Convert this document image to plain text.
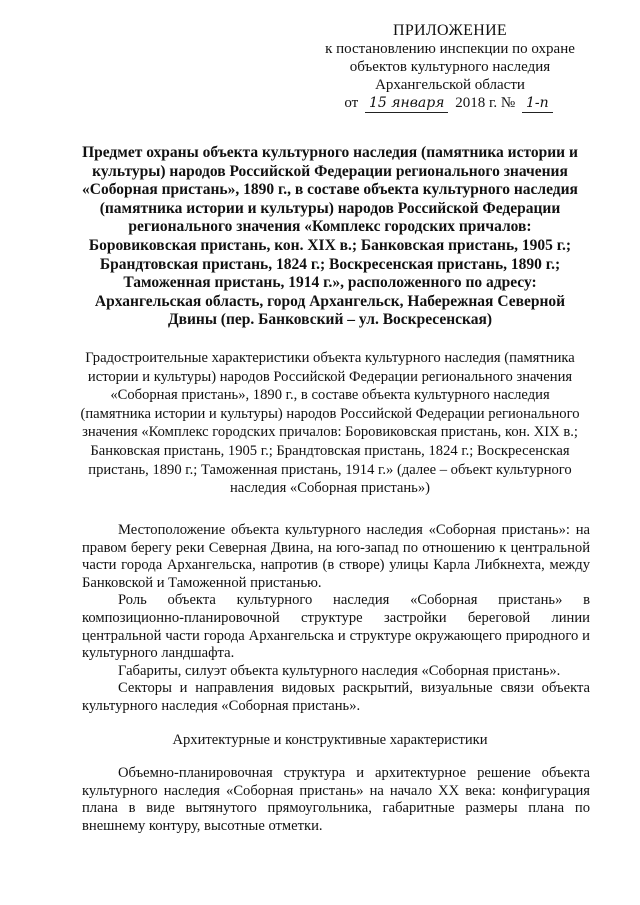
ПРИЛОЖЕНИЕ
к постановлению инспекции по охране
объектов культурного наследия
Архангельской области
от 15 января 2018 г. № 1-п
Предмет охраны объекта культурного наследия (памятника истории и культуры) народов Российской Федерации регионального значения «Соборная пристань», 1890 г., в составе объекта культурного наследия (памятника истории и культуры) народов Российской Федерации регионального значения «Комплекс городских причалов: Боровиковская пристань, кон. XIX в.; Банковская пристань, 1905 г.; Брандтовская пристань, 1824 г.; Воскресенская пристань, 1890 г.; Таможенная пристань, 1914 г.», расположенного по адресу: Архангельская область, город Архангельск, Набережная Северной Двины (пер. Банковский – ул. Воскресенская)
Градостроительные характеристики объекта культурного наследия (памятника истории и культуры) народов Российской Федерации регионального значения «Соборная пристань», 1890 г., в составе объекта культурного наследия (памятника истории и культуры) народов Российской Федерации регионального значения «Комплекс городских причалов: Боровиковская пристань, кон. XIX в.; Банковская пристань, 1905 г.; Брандтовская пристань, 1824 г.; Воскресенская пристань, 1890 г.; Таможенная пристань, 1914 г.» (далее – объект культурного наследия «Соборная пристань»)

Местоположение объекта культурного наследия «Соборная пристань»: на правом берегу реки Северная Двина, на юго-запад по отношению к центральной части города Архангельска, напротив (в створе) улицы Карла Либкнехта, между Банковской и Таможенной пристанью.

Роль объекта культурного наследия «Соборная пристань» в композиционно-планировочной структуре застройки береговой линии центральной части города Архангельска и структуре окружающего природного и культурного ландшафта.

Габариты, силуэт объекта культурного наследия «Соборная пристань».

Секторы и направления видовых раскрытий, визуальные связи объекта культурного наследия «Соборная пристань».

Архитектурные и конструктивные характеристики

Объемно-планировочная структура и архитектурное решение объекта культурного наследия «Соборная пристань» на начало XX века: конфигурация плана в виде вытянутого прямоугольника, габаритные размеры плана по внешнему контуру, высотные отметки.
